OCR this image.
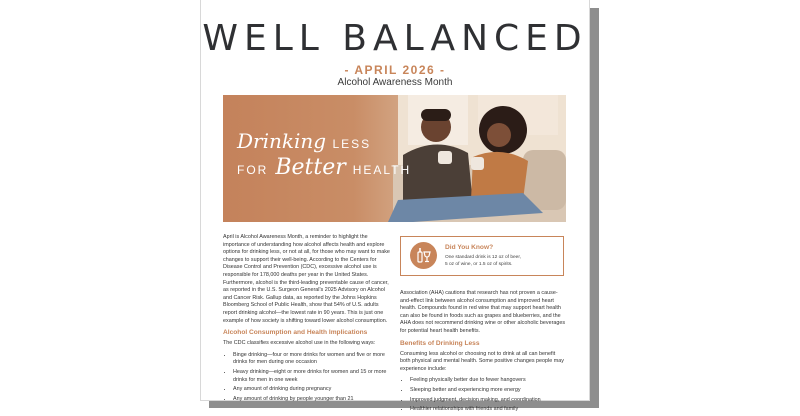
WELL BALANCED
- APRIL 2026 -
Alcohol Awareness Month
Drinking LESS
FOR Better HEALTH

April is Alcohol Awareness Month, a reminder to highlight the importance of understanding how alcohol affects health and explore options for drinking less, or not at all, for those who may want to make changes to support their well-being. According to the Centers for Disease Control and Prevention (CDC), excessive alcohol use is responsible for 178,000 deaths per year in the United States. Furthermore, alcohol is the third-leading preventable cause of cancer, as reported in the U.S. Surgeon General's 2025 Advisory on Alcohol and Cancer Risk. Gallup data, as reported by the Johns Hopkins Bloomberg School of Public Health, show that 54% of U.S. adults report drinking alcohol—the lowest rate in 90 years. This is just one example of how society is shifting toward lower alcohol consumption.

Alcohol Consumption and Health Implications

The CDC classifies excessive alcohol use in the following ways:

• Binge drinking—four or more drinks for women and five or more drinks for men during one occasion
• Heavy drinking—eight or more drinks for women and 15 or more drinks for men in one week
• Any amount of drinking during pregnancy
• Any amount of drinking by people younger than 21
Did You Know?
One standard drink is 12 oz of beer,
5 oz of wine, or 1.5 oz of spirits.

Association (AHA) cautions that research has not proven a cause-and-effect link between alcohol consumption and improved heart health. Compounds found in red wine that may support heart health can also be found in foods such as grapes and blueberries, and the AHA does not recommend drinking wine or other alcoholic beverages for potential heart health benefits.

Benefits of Drinking Less

Consuming less alcohol or choosing not to drink at all can benefit both physical and mental health. Some positive changes people may experience include:

• Feeling physically better due to fewer hangovers
• Sleeping better and experiencing more energy
• Improved judgment, decision making, and coordination
• Healthier relationships with friends and family
